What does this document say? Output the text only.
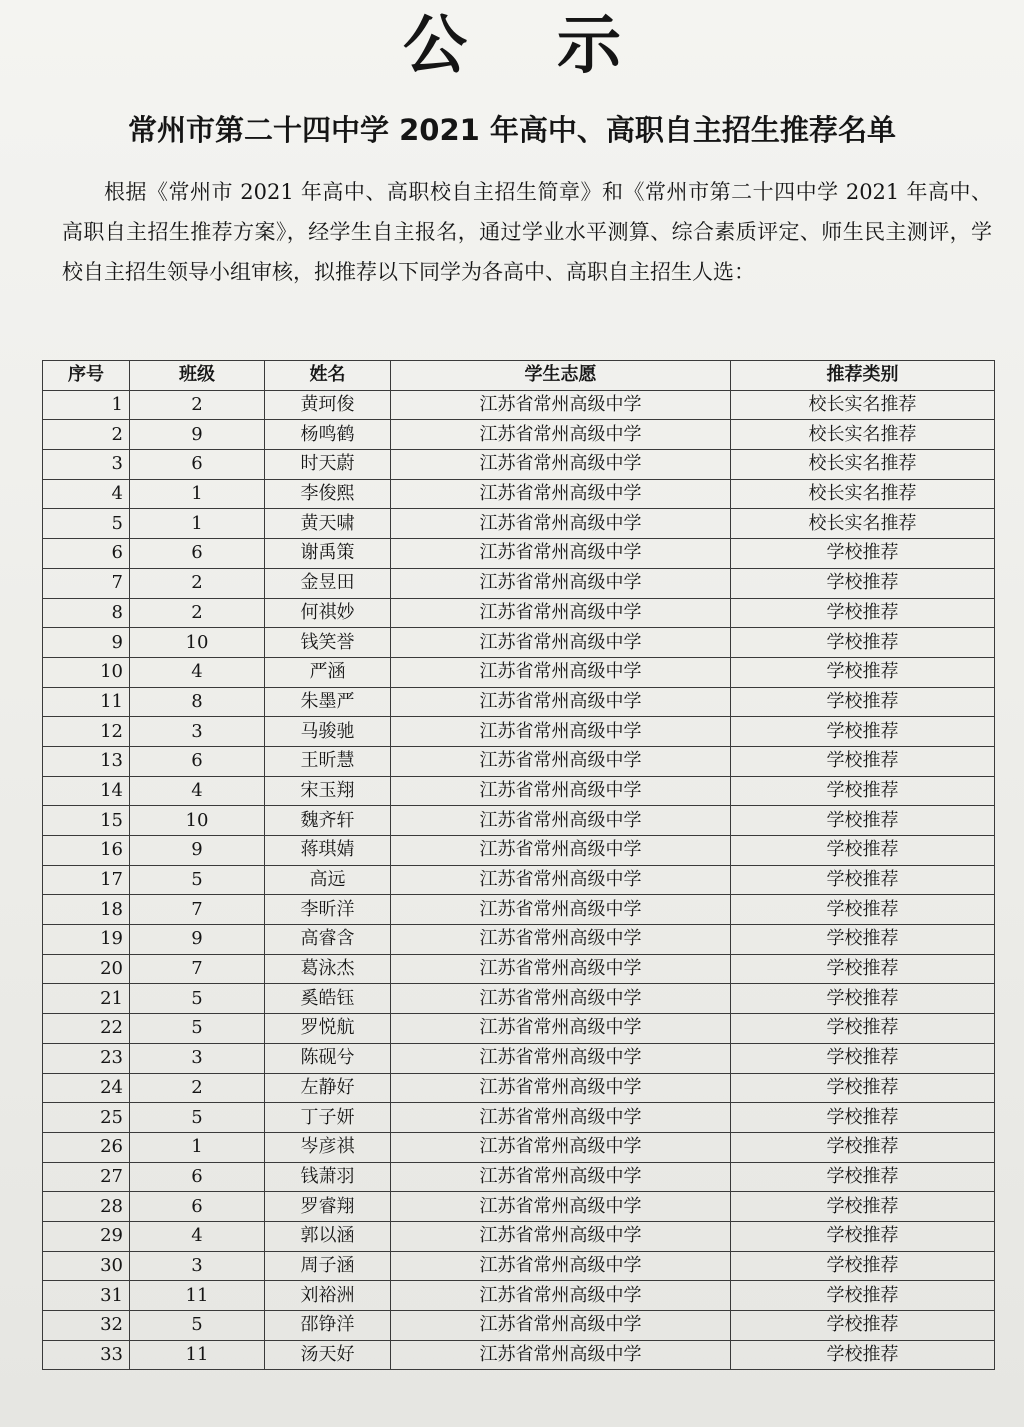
公示
常州市第二十四中学 2021 年高中、高职自主招生推荐名单

根据《常州市 2021 年高中、高职校自主招生简章》和《常州市第二十四中学 2021 年高中、高职自主招生推荐方案》，经学生自主报名，通过学业水平测算、综合素质评定、师生民主测评，学校自主招生领导小组审核，拟推荐以下同学为各高中、高职自主招生人选：

序号	班级	姓名	学生志愿	推荐类别
1	2	黄珂俊	江苏省常州高级中学	校长实名推荐
2	9	杨鸣鹤	江苏省常州高级中学	校长实名推荐
3	6	时天蔚	江苏省常州高级中学	校长实名推荐
4	1	李俊熙	江苏省常州高级中学	校长实名推荐
5	1	黄天啸	江苏省常州高级中学	校长实名推荐
6	6	谢禹策	江苏省常州高级中学	学校推荐
7	2	金昱田	江苏省常州高级中学	学校推荐
8	2	何祺妙	江苏省常州高级中学	学校推荐
9	10	钱笑誉	江苏省常州高级中学	学校推荐
10	4	严涵	江苏省常州高级中学	学校推荐
11	8	朱墨严	江苏省常州高级中学	学校推荐
12	3	马骏驰	江苏省常州高级中学	学校推荐
13	6	王昕慧	江苏省常州高级中学	学校推荐
14	4	宋玉翔	江苏省常州高级中学	学校推荐
15	10	魏齐轩	江苏省常州高级中学	学校推荐
16	9	蒋琪婧	江苏省常州高级中学	学校推荐
17	5	高远	江苏省常州高级中学	学校推荐
18	7	李昕洋	江苏省常州高级中学	学校推荐
19	9	高睿含	江苏省常州高级中学	学校推荐
20	7	葛泳杰	江苏省常州高级中学	学校推荐
21	5	奚皓钰	江苏省常州高级中学	学校推荐
22	5	罗悦航	江苏省常州高级中学	学校推荐
23	3	陈砚兮	江苏省常州高级中学	学校推荐
24	2	左静好	江苏省常州高级中学	学校推荐
25	5	丁子妍	江苏省常州高级中学	学校推荐
26	1	岑彦祺	江苏省常州高级中学	学校推荐
27	6	钱萧羽	江苏省常州高级中学	学校推荐
28	6	罗睿翔	江苏省常州高级中学	学校推荐
29	4	郭以涵	江苏省常州高级中学	学校推荐
30	3	周子涵	江苏省常州高级中学	学校推荐
31	11	刘裕洲	江苏省常州高级中学	学校推荐
32	5	邵铮洋	江苏省常州高级中学	学校推荐
33	11	汤天好	江苏省常州高级中学	学校推荐
